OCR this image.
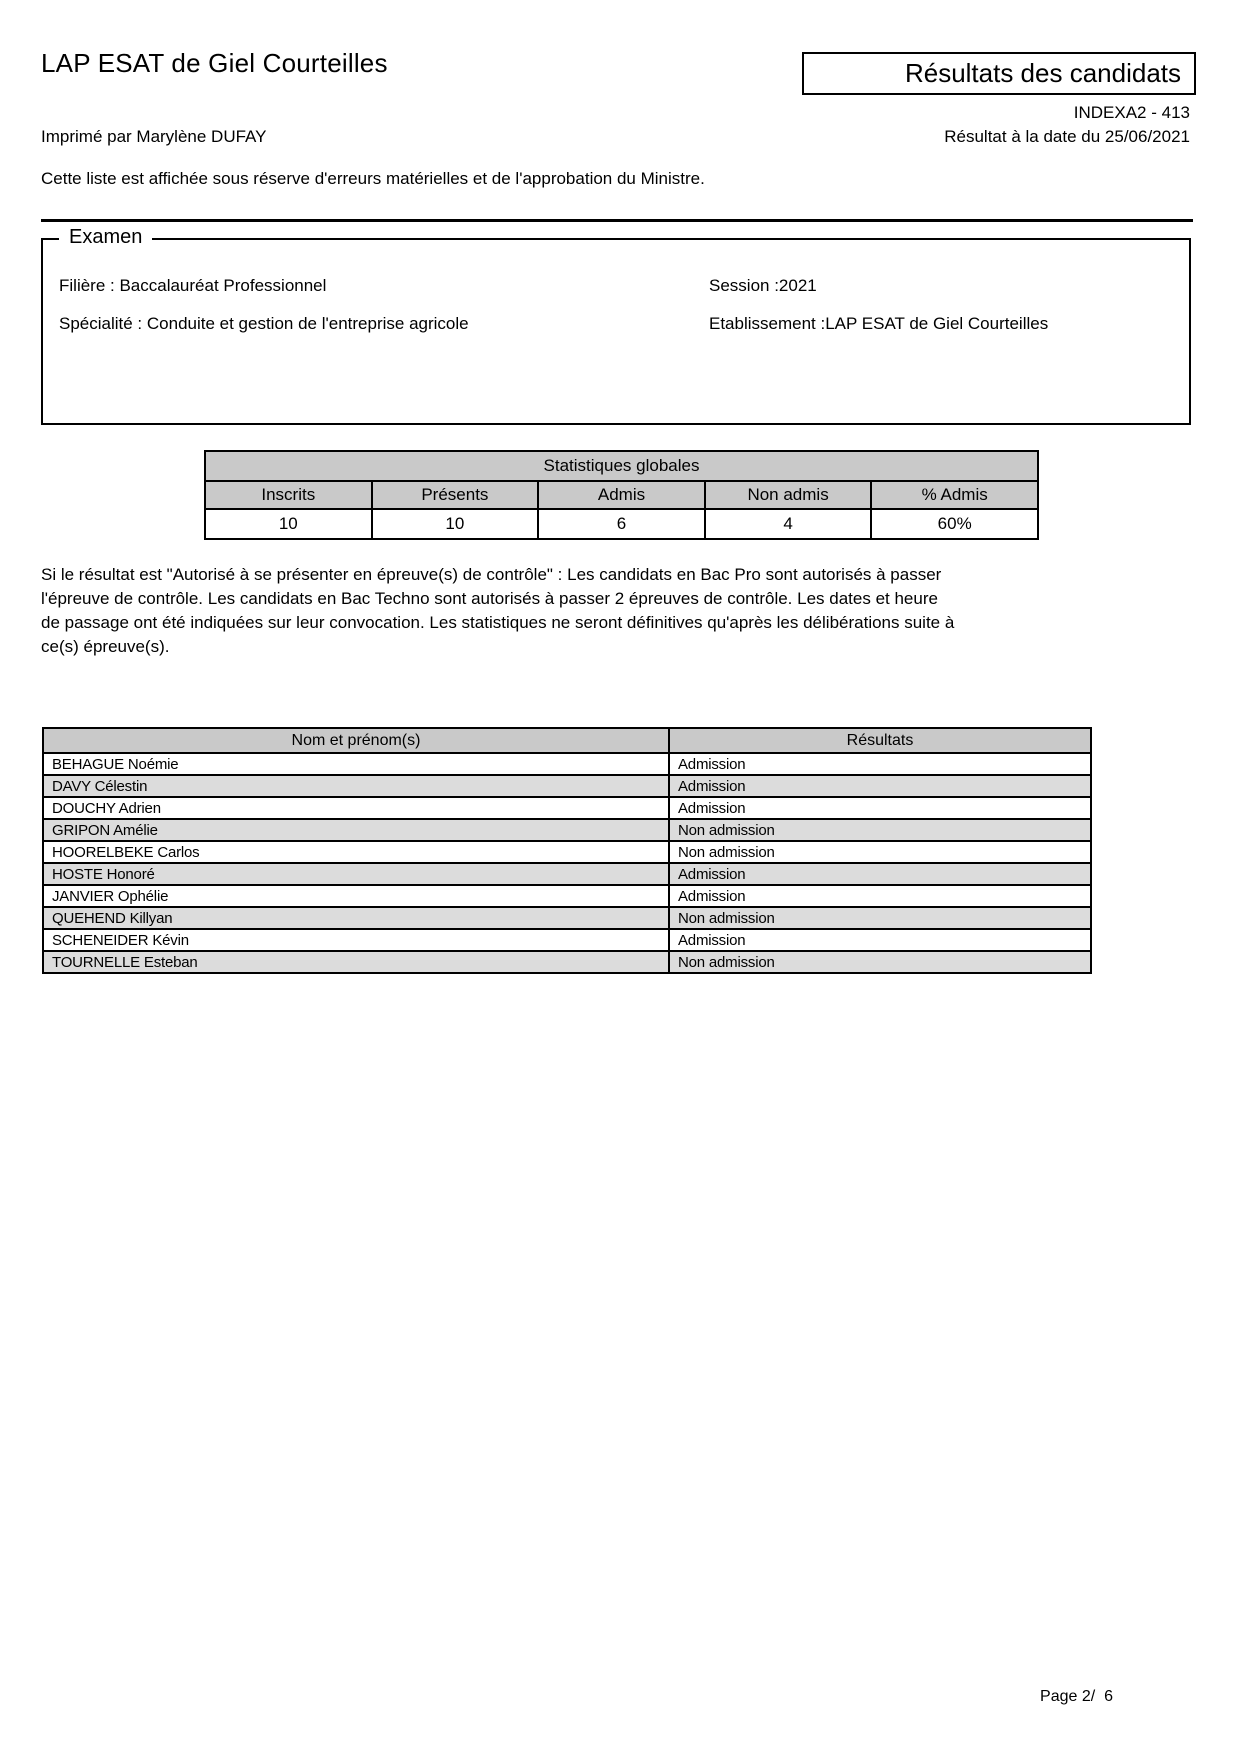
LAP ESAT de Giel Courteilles	Résultats des candidats
INDEXA2 - 413
Imprimé par Marylène DUFAY	Résultat à la date du 25/06/2021
Cette liste est affichée sous réserve d'erreurs matérielles et de l'approbation du Ministre.
Examen
Filière : Baccalauréat Professionnel	Session :2021
Spécialité : Conduite et gestion de l'entreprise agricole	Etablissement :LAP ESAT de Giel Courteilles
Statistiques globales				
Inscrits	Présents	Admis	Non admis	% Admis
10	10	6	4	60%
Si le résultat est "Autorisé à se présenter en épreuve(s) de contrôle" : Les candidats en Bac Pro sont autorisés à passer l'épreuve de contrôle. Les candidats en Bac Techno sont autorisés à passer 2 épreuves de contrôle. Les dates et heure de passage ont été indiquées sur leur convocation. Les statistiques ne seront définitives qu'après les délibérations suite à ce(s) épreuve(s).
Nom et prénom(s)	Résultats
BEHAGUE Noémie	Admission
DAVY Célestin	Admission
DOUCHY Adrien	Admission
GRIPON Amélie	Non admission
HOORELBEKE Carlos	Non admission
HOSTE Honoré	Admission
JANVIER Ophélie	Admission
QUEHEND Killyan	Non admission
SCHENEIDER Kévin	Admission
TOURNELLE Esteban	Non admission
Page 2/  6
